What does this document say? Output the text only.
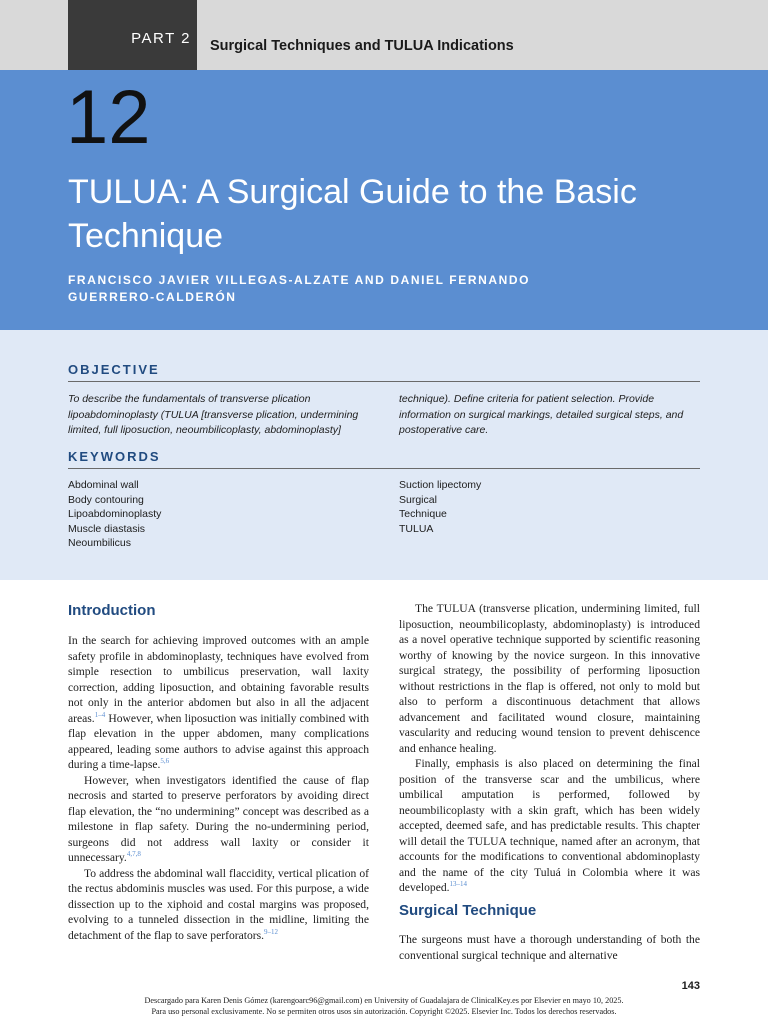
PART 2 Surgical Techniques and TULUA Indications
12
TULUA: A Surgical Guide to the Basic Technique
FRANCISCO JAVIER VILLEGAS-ALZATE AND DANIEL FERNANDO
GUERRERO-CALDERÓN
OBJECTIVE
To describe the fundamentals of transverse plication lipoabdominoplasty (TULUA [transverse plication, undermining limited, full liposuction, neoumbilicoplasty, abdominoplasty]
technique). Define criteria for patient selection. Provide information on surgical markings, detailed surgical steps, and postoperative care.
KEYWORDS
Abdominal wall
Body contouring
Lipoabdominoplasty
Muscle diastasis
Neoumbilicus
Suction lipectomy
Surgical
Technique
TULUA
Introduction

In the search for achieving improved outcomes with an ample safety profile in abdominoplasty, techniques have evolved from simple resection to umbilicus preservation, wall laxity correction, adding liposuction, and obtaining favorable results not only in the anterior abdomen but also in all the adjacent areas.$^{1-4}$ However, when liposuction was initially combined with flap elevation in the upper abdomen, many complications appeared, leading some authors to advise against this approach during a time-lapse.$^{5,6}$

However, when investigators identified the cause of flap necrosis and started to preserve perforators by avoiding direct flap elevation, the “no undermining” concept was described as a milestone in flap safety. During the no-undermining period, surgeons did not address wall laxity or consider it unnecessary.$^{4,7,8}$

To address the abdominal wall flaccidity, vertical plication of the rectus abdominis muscles was used. For this purpose, a wide dissection up to the xiphoid and costal margins was proposed, evolving to a tunneled dissection in the midline, limiting the detachment of the flap to save perforators.$^{9-12}$

The TULUA (transverse plication, undermining limited, full liposuction, neoumbilicoplasty, abdominoplasty) is introduced as a novel operative technique supported by scientific reasoning worthy of knowing by the novice surgeon. In this innovative surgical strategy, the possibility of performing liposuction without restrictions in the flap is offered, not only to mold but also to perform a discontinuous detachment that allows advancement and facilitated wound closure, maintaining vascularity and reducing wound tension to prevent dehiscence and enhance healing.

Finally, emphasis is also placed on determining the final position of the transverse scar and the umbilicus, where umbilical amputation is performed, followed by neoumbilicoplasty with a skin graft, which has been widely accepted, deemed safe, and has predictable results. This chapter will detail the TULUA technique, named after an acronym, that accounts for the modifications to conventional abdominoplasty and the name of the city Tuluá in Colombia where it was developed.$^{13-14}$

Surgical Technique

The surgeons must have a thorough understanding of both the conventional surgical technique and alternative

143
Descargado para Karen Denis Gómez (karengoarc96@gmail.com) en University of Guadalajara de ClinicalKey.es por Elsevier en mayo 10, 2025.
Para uso personal exclusivamente. No se permiten otros usos sin autorización. Copyright ©2025. Elsevier Inc. Todos los derechos reservados.
